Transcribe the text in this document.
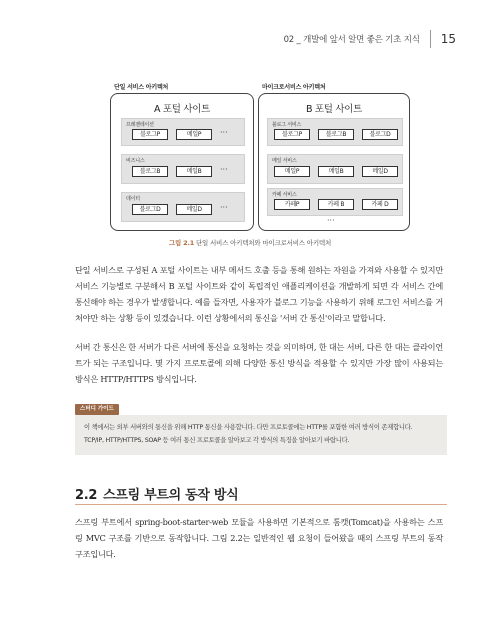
02 _ 개발에 앞서 알면 좋은 기초 지식 15
단일 서비스 아키텍처	마이크로서비스 아키텍처
A 포털 사이트
프레젠테이션
블로그P	메일P	···
비즈니스
블로그B	메일B	···
데이터
블로그D	메일D	···
B 포털 사이트
블로그 서비스
블로그P	블로그B	블로그D
메일 서비스
메일P	메일B	메일D
카페 서비스
카페P	카페 B	카페 D
···
그림 2.1 단일 서비스 아키텍처와 마이크로서비스 아키텍처

단일 서비스로 구성된 A 포털 사이트는 내부 메서드 호출 등을 통해 원하는 자원을 가져와 사용할 수 있지만 서비스 기능별로 구분해서 B 포털 사이트와 같이 독립적인 애플리케이션을 개발하게 되면 각 서비스 간에 통신해야 하는 경우가 발생합니다. 예를 들자면, 사용자가 블로그 기능을 사용하기 위해 로그인 서비스를 거쳐야만 하는 상황 등이 있겠습니다. 이런 상황에서의 통신을 '서버 간 통신'이라고 말합니다.

서버 간 통신은 한 서버가 다른 서버에 통신을 요청하는 것을 의미하며, 한 대는 서버, 다른 한 대는 클라이언트가 되는 구조입니다. 몇 가지 프로토콜에 의해 다양한 통신 방식을 적용할 수 있지만 가장 많이 사용되는 방식은 HTTP/HTTPS 방식입니다.

스터디 가이드
이 책에서는 외부 서버와의 통신을 위해 HTTP 통신을 사용합니다. 다만 프로토콜에는 HTTP를 포함한 여러 방식이 존재합니다.
TCP/IP, HTTP/HTTPS, SOAP 등 여러 통신 프로토콜을 알아보고 각 방식의 특징을 알아보기 바랍니다.
2.2 스프링 부트의 동작 방식

스프링 부트에서 spring-boot-starter-web 모듈을 사용하면 기본적으로 톰캣(Tomcat)을 사용하는 스프링 MVC 구조를 기반으로 동작합니다. 그림 2.2는 일반적인 웹 요청이 들어왔을 때의 스프링 부트의 동작 구조입니다.
